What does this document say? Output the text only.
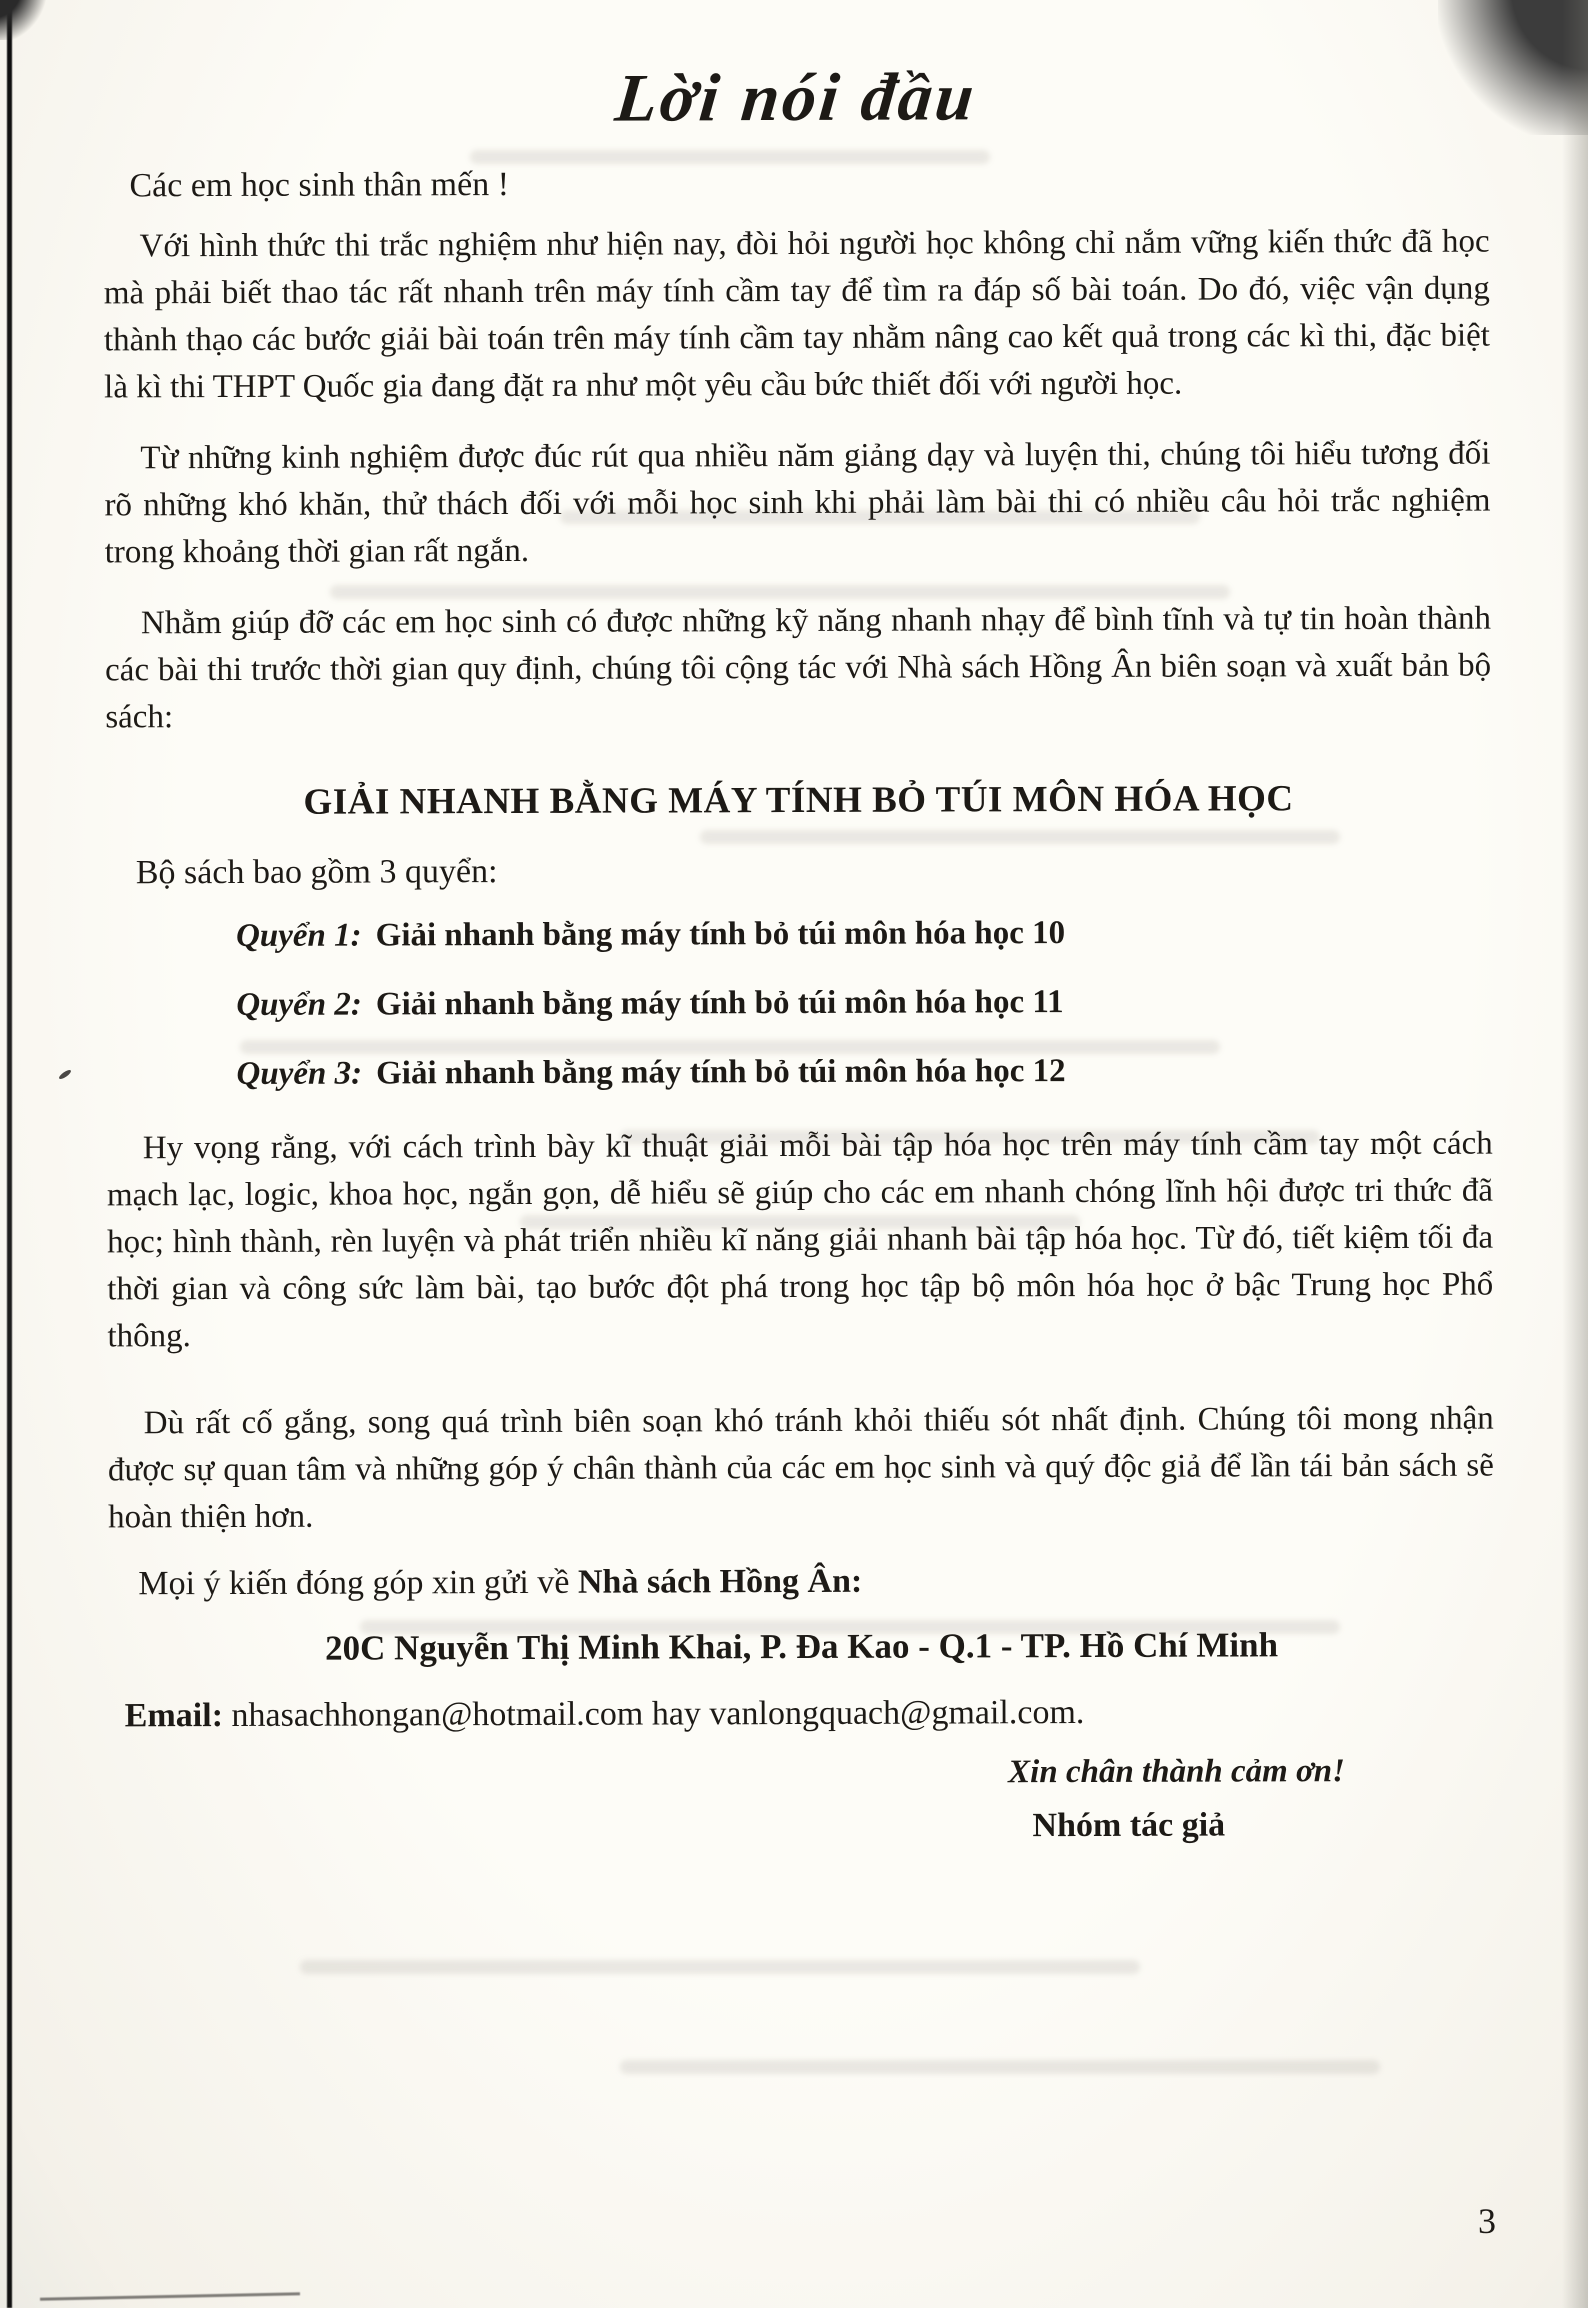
Lời nói đầu
Các em học sinh thân mến !

Với hình thức thi trắc nghiệm như hiện nay, đòi hỏi người học không chỉ nắm vững kiến thức đã học mà phải biết thao tác rất nhanh trên máy tính cầm tay để tìm ra đáp số bài toán. Do đó, việc vận dụng thành thạo các bước giải bài toán trên máy tính cầm tay nhằm nâng cao kết quả trong các kì thi, đặc biệt là kì thi THPT Quốc gia đang đặt ra như một yêu cầu bức thiết đối với người học.

Từ những kinh nghiệm được đúc rút qua nhiều năm giảng dạy và luyện thi, chúng tôi hiểu tương đối rõ những khó khăn, thử thách đối với mỗi học sinh khi phải làm bài thi có nhiều câu hỏi trắc nghiệm trong khoảng thời gian rất ngắn.

Nhằm giúp đỡ các em học sinh có được những kỹ năng nhanh nhạy để bình tĩnh và tự tin hoàn thành các bài thi trước thời gian quy định, chúng tôi cộng tác với Nhà sách Hồng Ân biên soạn và xuất bản bộ sách:

GIẢI NHANH BẰNG MÁY TÍNH BỎ TÚI MÔN HÓA HỌC
Bộ sách bao gồm 3 quyển:
Quyển 1: Giải nhanh bằng máy tính bỏ túi môn hóa học 10
Quyển 2: Giải nhanh bằng máy tính bỏ túi môn hóa học 11
Quyển 3: Giải nhanh bằng máy tính bỏ túi môn hóa học 12

Hy vọng rằng, với cách trình bày kĩ thuật giải mỗi bài tập hóa học trên máy tính cầm tay một cách mạch lạc, logic, khoa học, ngắn gọn, dễ hiểu sẽ giúp cho các em nhanh chóng lĩnh hội được tri thức đã học; hình thành, rèn luyện và phát triển nhiều kĩ năng giải nhanh bài tập hóa học. Từ đó, tiết kiệm tối đa thời gian và công sức làm bài, tạo bước đột phá trong học tập bộ môn hóa học ở bậc Trung học Phổ thông.

Dù rất cố gắng, song quá trình biên soạn khó tránh khỏi thiếu sót nhất định. Chúng tôi mong nhận được sự quan tâm và những góp ý chân thành của các em học sinh và quý độc giả để lần tái bản sách sẽ hoàn thiện hơn.

Mọi ý kiến đóng góp xin gửi về Nhà sách Hồng Ân:
20C Nguyễn Thị Minh Khai, P. Đa Kao - Q.1 - TP. Hồ Chí Minh
Email: nhasachhongan@hotmail.com hay vanlongquach@gmail.com.
Xin chân thành cảm ơn!
Nhóm tác giả
3
